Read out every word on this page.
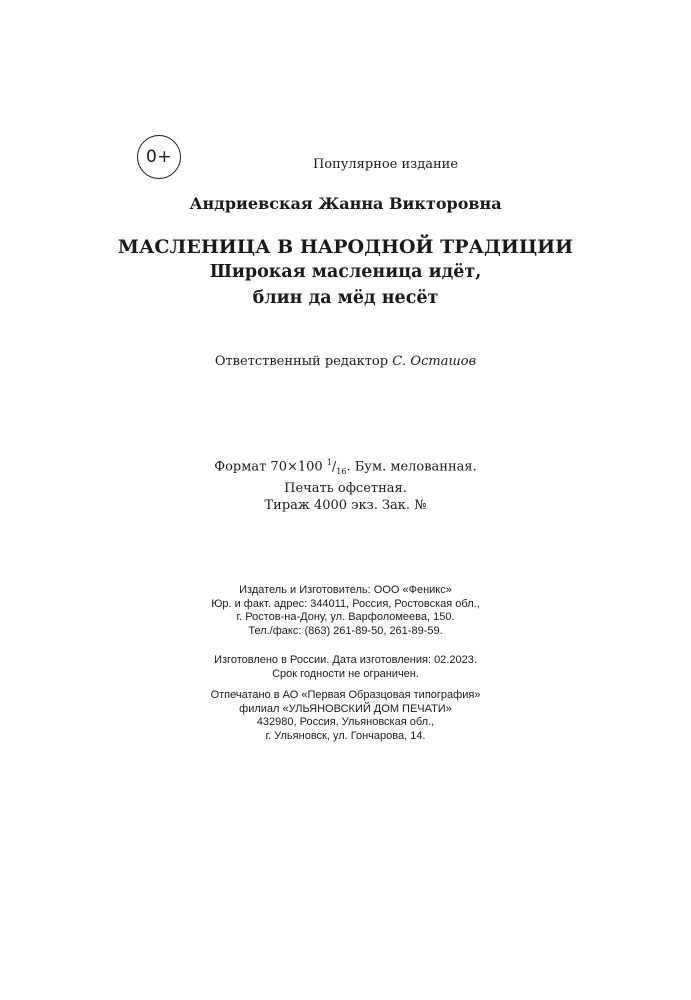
0+	Популярное издание
Андриевская Жанна Викторовна
МАСЛЕНИЦА В НАРОДНОЙ ТРАДИЦИИ
Широкая масленица идёт,
блин да мёд несёт
Ответственный редактор С. Осташов
Формат 70×100 $^1/_{16}$. Бум. мелованная.
Печать офсетная.
Тираж 4000 экз. Зак. №
Издатель и Изготовитель: ООО «Феникс»
Юр. и факт. адрес: 344011, Россия, Ростовская обл.,
г. Ростов-на-Дону, ул. Варфоломеева, 150.
Тел./факс: (863) 261-89-50, 261-89-59.
Изготовлено в России. Дата изготовления: 02.2023.
Срок годности не ограничен.
Отпечатано в АО «Первая Образцовая типография»
филиал «УЛЬЯНОВСКИЙ ДОМ ПЕЧАТИ»
432980, Россия, Ульяновская обл.,
г. Ульяновск, ул. Гончарова, 14.
